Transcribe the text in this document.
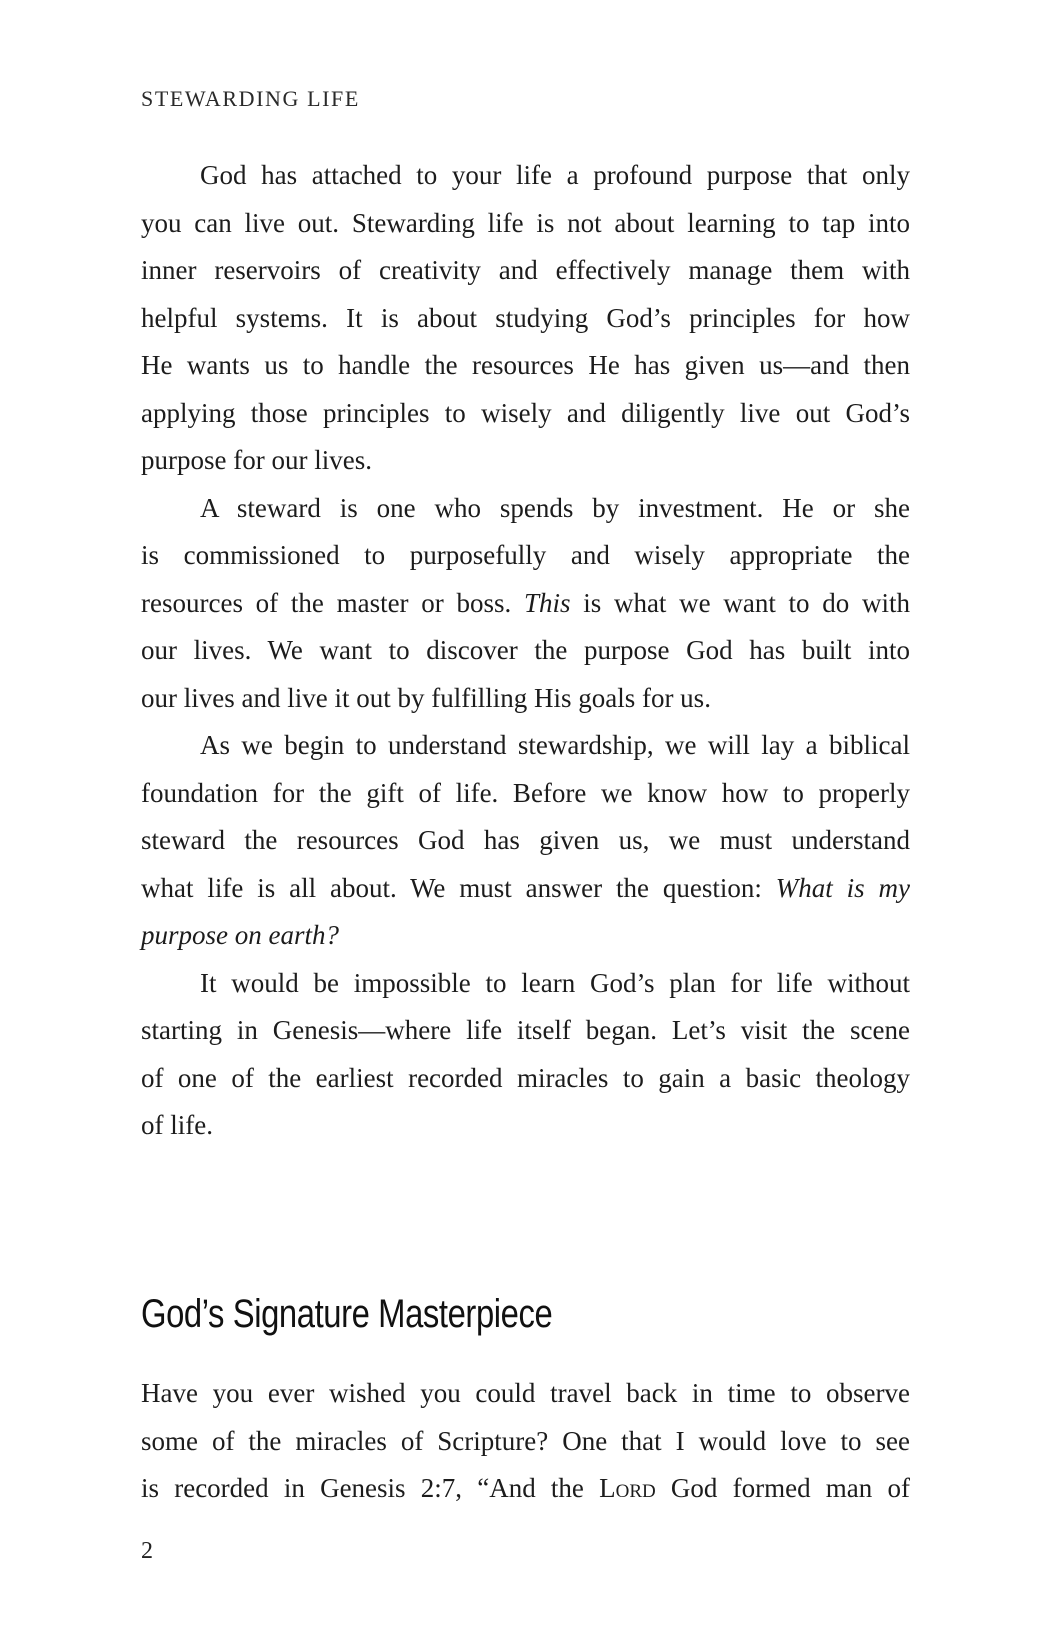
STEWARDING LIFE
God has attached to your life a profound purpose that only
you can live out. Stewarding life is not about learning to tap into
inner reservoirs of creativity and effectively manage them with
helpful systems. It is about studying God’s principles for how
He wants us to handle the resources He has given us—and then
applying those principles to wisely and diligently live out God’s
purpose for our lives.
A steward is one who spends by investment. He or she
is commissioned to purposefully and wisely appropriate the
resources of the master or boss. This is what we want to do with
our lives. We want to discover the purpose God has built into
our lives and live it out by fulfilling His goals for us.
As we begin to understand stewardship, we will lay a biblical
foundation for the gift of life. Before we know how to properly
steward the resources God has given us, we must understand
what life is all about. We must answer the question: What is my
purpose on earth?
It would be impossible to learn God’s plan for life without
starting in Genesis—where life itself began. Let’s visit the scene
of one of the earliest recorded miracles to gain a basic theology
of life.
God’s Signature Masterpiece
Have you ever wished you could travel back in time to observe
some of the miracles of Scripture? One that I would love to see
is recorded in Genesis 2:7, “And the Lord God formed man of
2
